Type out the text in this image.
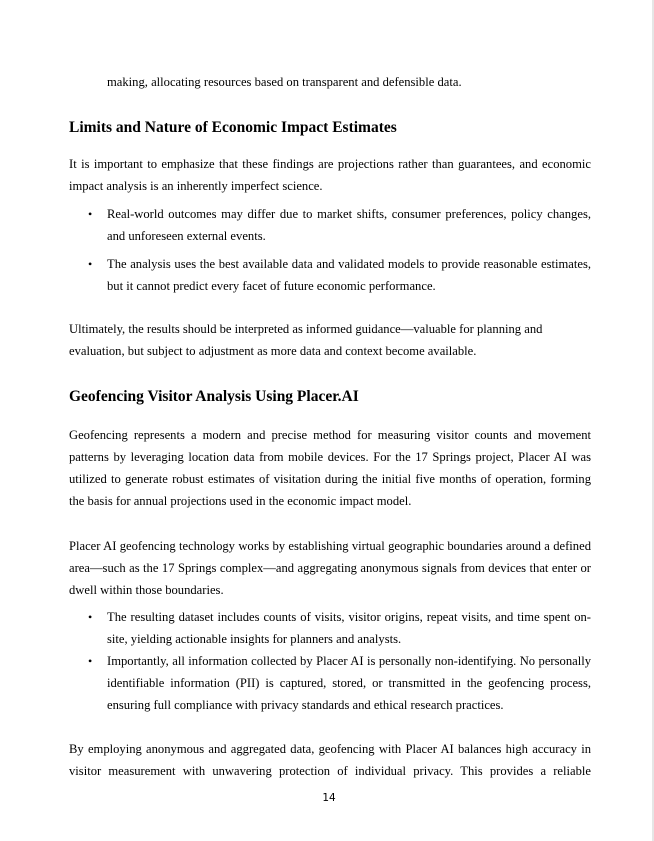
making, allocating resources based on transparent and defensible data.

Limits and Nature of Economic Impact Estimates

It is important to emphasize that these findings are projections rather than guarantees, and economic impact analysis is an inherently imperfect science.

• Real-world outcomes may differ due to market shifts, consumer preferences, policy changes, and unforeseen external events.
• The analysis uses the best available data and validated models to provide reasonable estimates, but it cannot predict every facet of future economic performance.

Ultimately, the results should be interpreted as informed guidance—valuable for planning and evaluation, but subject to adjustment as more data and context become available.

Geofencing Visitor Analysis Using Placer.AI

Geofencing represents a modern and precise method for measuring visitor counts and movement patterns by leveraging location data from mobile devices. For the 17 Springs project, Placer AI was utilized to generate robust estimates of visitation during the initial five months of operation, forming the basis for annual projections used in the economic impact model.

Placer AI geofencing technology works by establishing virtual geographic boundaries around a defined area—such as the 17 Springs complex—and aggregating anonymous signals from devices that enter or dwell within those boundaries.

• The resulting dataset includes counts of visits, visitor origins, repeat visits, and time spent on-site, yielding actionable insights for planners and analysts.
• Importantly, all information collected by Placer AI is personally non-identifying. No personally identifiable information (PII) is captured, stored, or transmitted in the geofencing process, ensuring full compliance with privacy standards and ethical research practices.

By employing anonymous and aggregated data, geofencing with Placer AI balances high accuracy in visitor measurement with unwavering protection of individual privacy. This provides a reliable

14
